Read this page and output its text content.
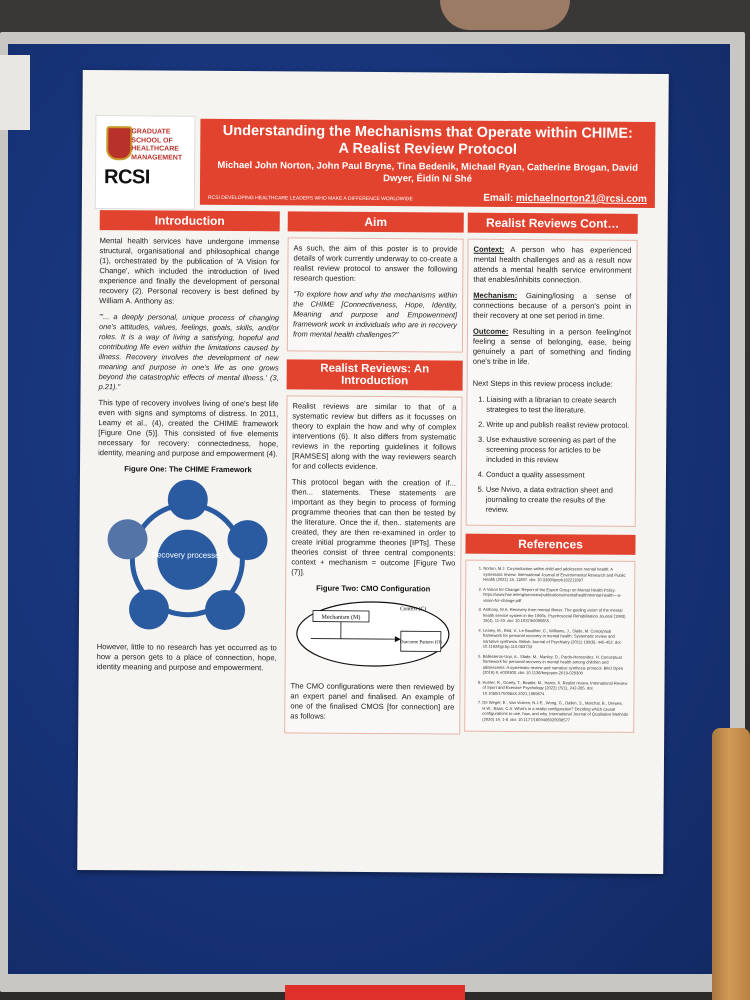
GRADUATE SCHOOL OF HEALTHCARE MANAGEMENT
RCSI
Understanding the Mechanisms that Operate within CHIME:
A Realist Review Protocol
Michael John Norton, John Paul Bryne, Tina Bedenik, Michael Ryan, Catherine Brogan, David Dwyer, Éidín Ní Shé
RCSI DEVELOPING HEALTHCARE LEADERS WHO MAKE A DIFFERENCE WORLDWIDE	Email: michaelnorton21@rcsi.com
Introduction

Mental health services have undergone immense structural, organisational and philosophical change (1), orchestrated by the publication of 'A Vision for Change', which included the introduction of lived experience and finally the development of personal recovery (2). Personal recovery is best defined by William A. Anthony as:

"'... a deeply personal, unique process of changing one's attitudes, values, feelings, goals, skills, and/or roles. It is a way of living a satisfying, hopeful and contributing life even within the limitations caused by illness. Recovery involves the development of new meaning and purpose in one's life as one grows beyond the catastrophic effects of mental illness.' (3, p.21)."

This type of recovery involves living of one's best life even with signs and symptoms of distress. In 2011, Leamy et al., (4), created the CHIME framework [Figure One (5)]. This consisted of five elements necessary for recovery: connectedness, hope, identity, meaning and purpose and empowerment (4).

Figure One: The CHIME Framework
Recovery processes

However, little to no research has yet occurred as to how a person gets to a place of connection, hope, identity meaning and purpose and empowerment.

Aim

As such, the aim of this poster is to provide details of work currently underway to co-create a realist review protocol to answer the following research question:

"To explore how and why the mechanisms within the CHIME [Connectiveness, Hope, Identity, Meaning and purpose and Empowerment] framework work in individuals who are in recovery from mental health challenges?"

Realist Reviews: An Introduction

Realist reviews are similar to that of a systematic review but differs as it focusses on theory to explain the how and why of complex interventions (6). It also differs from systematic reviews in the reporting guidelines it follows [RAMSES] along with the way reviewers search for and collects evidence.

This protocol began with the creation of if... then... statements. These statements are important as they begin to process of forming programme theories that can then be tested by the literature. Once the if, then.. statements are created, they are then re-examined in order to create initial programme theories [IPTs]. These theories consist of three central components: context + mechanism = outcome [Figure Two (7)].

Figure Two: CMO Configuration
Mechanism (M)
Context (C)
Outcome Pattern (O)

The CMO configurations were then reviewed by an expert panel and finalised. An example of one of the finalised CMOS [for connection] are as follows:

Realist Reviews Cont…

Context: A person who has experienced mental health challenges and as a result now attends a mental health service environment that enables/inhibits connection.

Mechanism: Gaining/losing a sense of connections because of a person's point in their recovery at one set period in time.

Outcome: Resulting in a person feeling/not feeling a sense of belonging, ease, being genuinely a part of something and finding one's tribe in life.

Next Steps in this review process include:

1. Liaising with a librarian to create search strategies to test the literature.
2. Write up and publish realist review protocol.
3. Use exhaustive screening as part of the screening process for articles to be included in this review
4. Conduct a quality assessment
5. Use Nvivo, a data extraction sheet and journaling to create the results of the review.
References
1. Norton, M.J. Co-production within child and adolescent mental health: A systematic review. International Journal of Environmental Research and Public Health (2021) 18, 11897. doi: 10.3390/ijerph182211897
2. A Vision for Change: Report of the Expert Group on Mental Health Policy. https://www.hse.ie/eng/services/publications/mentalhealth/mental-health---a-vision-for-change.pdf
3. Anthony, W.A. Recovery from mental illness: The guiding vision of the mental health service system in the 1990s. Psychosocial Rehabilitation Journal (1993) 16(4), 11-23. doi: 10.1037/h0095655
4. Leamy, M., Bird, V., Le Boutillier, C., Williams, J., Slade, M. Conceptual framework for personal recovery in mental health: Systematic review and narrative synthesis. British Journal of Psychiatry (2011) 199(6), 445-452. doi: 10.1192/bjp.bp.110.083733
5. Ballesteros-Urpi, A., Slade, M., Manley, D., Pardo-Hernandez, H. Conceptual framework for personal recovery in mental health among children and adolescents: A systematic review and narrative synthesis protocol. BMJ Open (2019) 9, e029300. doi: 10.1136/bmjopen-2019-029300
6. Hunter, R., Gorely, T., Beattie, M., Harris, K. Realist review. International Review of Sport and Exercise Psychology (2022) 15(1), 242-265. doi: 10.1080/1750984X.2021.1969674
7. De Weger, E., Van Vooren, N.J.E., Wong, G., Dalkin, S., Marchal, B., Drewes, H.W., Baan, C.A. What's in a realist configuration? Deciding which causal configurations to use, how, and why. International Journal of Qualitative Methods (2020) 19, 1-8. doi: 10.1177/1609406920938577
